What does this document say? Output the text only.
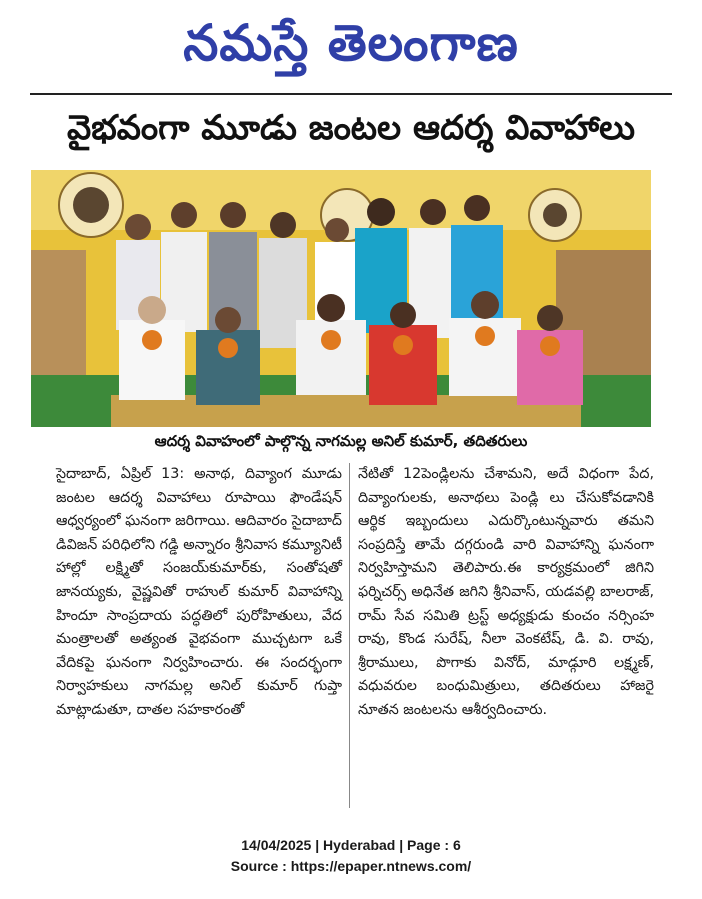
నమస్తే తెలంగాణ
వైభవంగా మూడు జంటల ఆదర్శ వివాహాలు
ఆదర్శ వివాహంలో పాల్గొన్న నాగమల్ల అనిల్ కుమార్, తదితరులు
సైదాబాద్, ఏప్రిల్ 13: అనాథ, దివ్యాంగ మూడు జంటల ఆదర్శ వివాహాలు రూపాయి ఫౌండేషన్ ఆధ్వర్యంలో ఘనంగా జరిగాయి. ఆదివారం సైదాబాద్ డివిజన్ పరిధిలోని గడ్డి అన్నారం శ్రీనివాస కమ్యూనిటీ హాల్లో లక్ష్మితో సంజయ్‌కుమార్‌కు, సంతోషతో జానయ్యకు, వైష్ణవితో రాహుల్ కుమార్ వివాహాన్ని హిందూ సాంప్రదాయ పద్ధతిలో పురోహితులు, వేద మంత్రాలతో అత్యంత వైభవంగా ముచ్చటగా ఒకే వేదికపై ఘనంగా నిర్వహించారు. ఈ సందర్భంగా నిర్వాహకులు నాగమల్ల అనిల్ కుమార్ గుప్తా మాట్లాడుతూ, దాతల సహకారంతో
నేటితో 12పెండ్లిలను చేశామని, అదే విధంగా పేద, దివ్యాంగులకు, అనాథలు పెండ్లి లు చేసుకోవడానికి ఆర్థిక ఇబ్బందులు ఎదుర్కొంటున్నవారు తమని సంప్రదిస్తే తామే దగ్గరుండి వారి వివాహాన్ని ఘనంగా నిర్వహిస్తామని తెలిపారు.ఈ కార్యక్రమంలో జిగిని ఫర్నిచర్స్ అధినేత జగిని శ్రీనివాస్, యడవల్లి బాలరాజ్, రామ్ సేవ సమితి ట్రస్ట్ అధ్యక్షుడు కుంచం నర్సింహ రావు, కొండ సురేష్, నీలా వెంకటేష్, డి. వి. రావు, శ్రీరాములు, పొగాకు వినోద్, మాడ్గూరి లక్ష్మణ్, వధువరుల బంధుమిత్రులు, తదితరులు హాజరై నూతన జంటలను ఆశీర్వదించారు.
14/04/2025 | Hyderabad | Page : 6
Source : https://epaper.ntnews.com/
